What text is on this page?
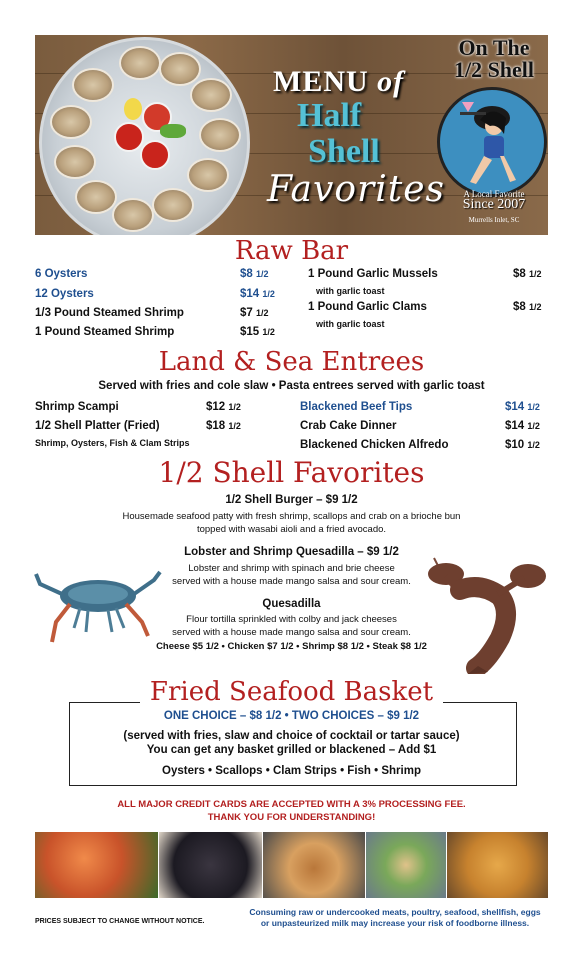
MENU of
Half
Shell
Favorites
On The
1/2 Shell
A Local Favorite
Since 2007
Murrells Inlet, SC
Raw Bar
6 Oysters	$8 1/2
12 Oysters	$14 1/2
1/3 Pound Steamed Shrimp	$7 1/2
1 Pound Steamed Shrimp	$15 1/2
1 Pound Garlic Mussels	$8 1/2
with garlic toast
1 Pound Garlic Clams	$8 1/2
with garlic toast
Land & Sea Entrees
Served with fries and cole slaw • Pasta entrees served with garlic toast
Shrimp Scampi	$12 1/2
1/2 Shell Platter (Fried)	$18 1/2
Shrimp, Oysters, Fish & Clam Strips
Blackened Beef Tips	$14 1/2
Crab Cake Dinner	$14 1/2
Blackened Chicken Alfredo	$10 1/2
1/2 Shell Favorites
1/2 Shell Burger – $9 1/2
Housemade seafood patty with fresh shrimp, scallops and crab on a brioche bun
topped with wasabi aioli and a fried avocado.
Lobster and Shrimp Quesadilla – $9 1/2
Lobster and shrimp with spinach and brie cheese
served with a house made mango salsa and sour cream.
Quesadilla
Flour tortilla sprinkled with colby and jack cheeses
served with a house made mango salsa and sour cream.
Cheese $5 1/2 • Chicken $7 1/2 • Shrimp $8 1/2 • Steak $8 1/2
Fried Seafood Basket
ONE CHOICE – $8 1/2 • TWO CHOICES – $9 1/2
(served with fries, slaw and choice of cocktail or tartar sauce)
You can get any basket grilled or blackened – Add $1
Oysters • Scallops • Clam Strips • Fish • Shrimp
ALL MAJOR CREDIT CARDS ARE ACCEPTED WITH A 3% PROCESSING FEE.
THANK YOU FOR UNDERSTANDING!
PRICES SUBJECT TO CHANGE WITHOUT NOTICE.
Consuming raw or undercooked meats, poultry, seafood, shellfish, eggs
or unpasteurized milk may increase your risk of foodborne illness.
